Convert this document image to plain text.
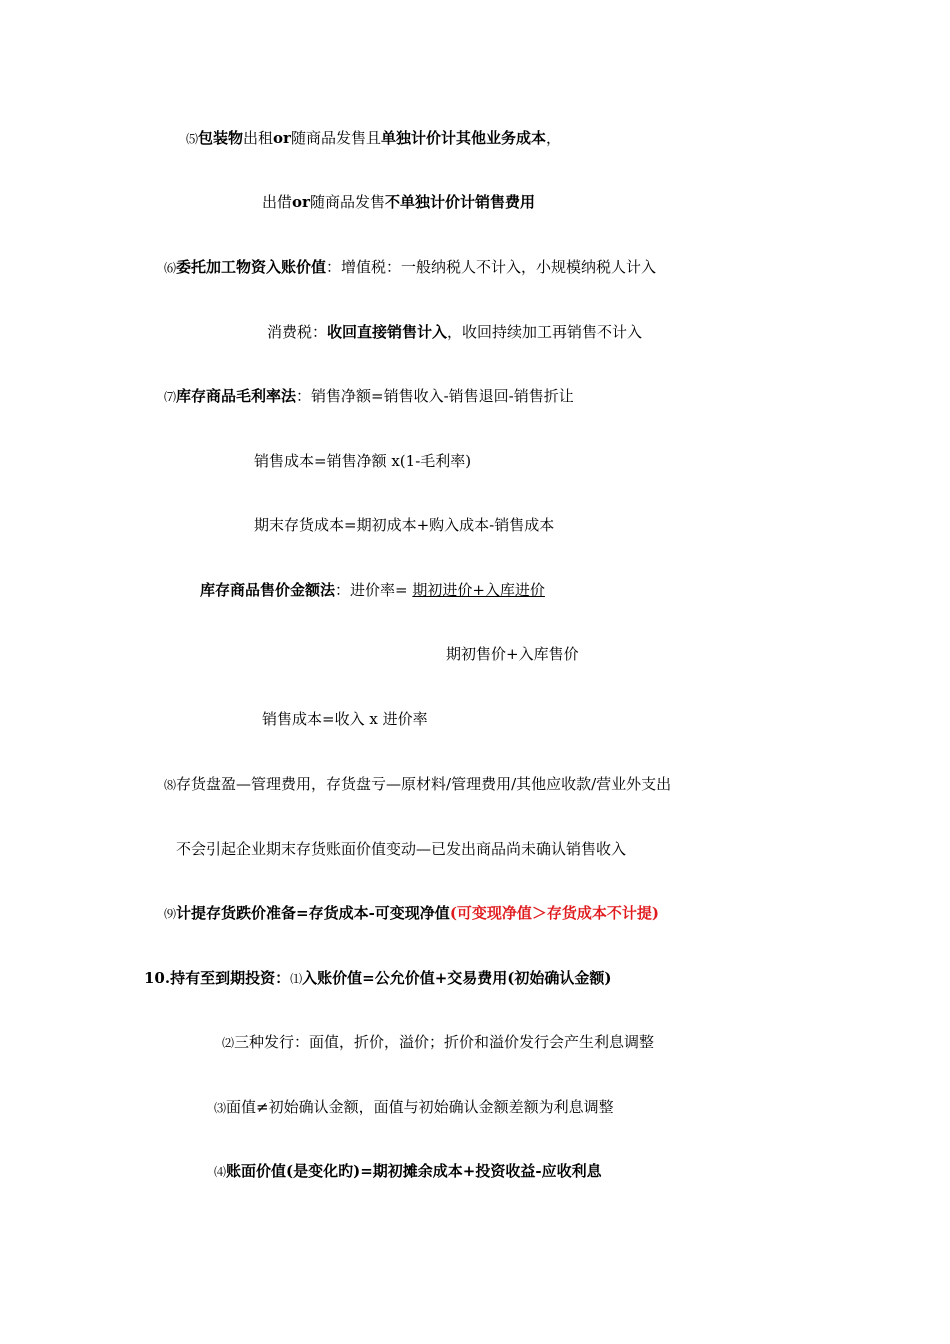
⑸包装物出租or随商品发售且单独计价计其他业务成本，
出借or随商品发售不单独计价计销售费用
⑹委托加工物资入账价值：增值税：一般纳税人不计入，小规模纳税人计入
消费税：收回直接销售计入，收回持续加工再销售不计入
⑺库存商品毛利率法：销售净额=销售收入-销售退回-销售折让
销售成本=销售净额 x(1-毛利率)
期末存货成本=期初成本+购入成本-销售成本
库存商品售价金额法：进价率= 期初进价+入库进价
期初售价+入库售价
销售成本=收入 x 进价率
⑻存货盘盈—管理费用，存货盘亏—原材料/管理费用/其他应收款/营业外支出
不会引起企业期末存货账面价值变动—已发出商品尚未确认销售收入
⑼计提存货跌价准备=存货成本-可变现净值(可变现净值＞存货成本不计提)
10.持有至到期投资：⑴入账价值=公允价值+交易费用(初始确认金额)
⑵三种发行：面值，折价，溢价；折价和溢价发行会产生利息调整
⑶面值≠初始确认金额，面值与初始确认金额差额为利息调整
⑷账面价值(是变化旳)=期初摊余成本+投资收益-应收利息
